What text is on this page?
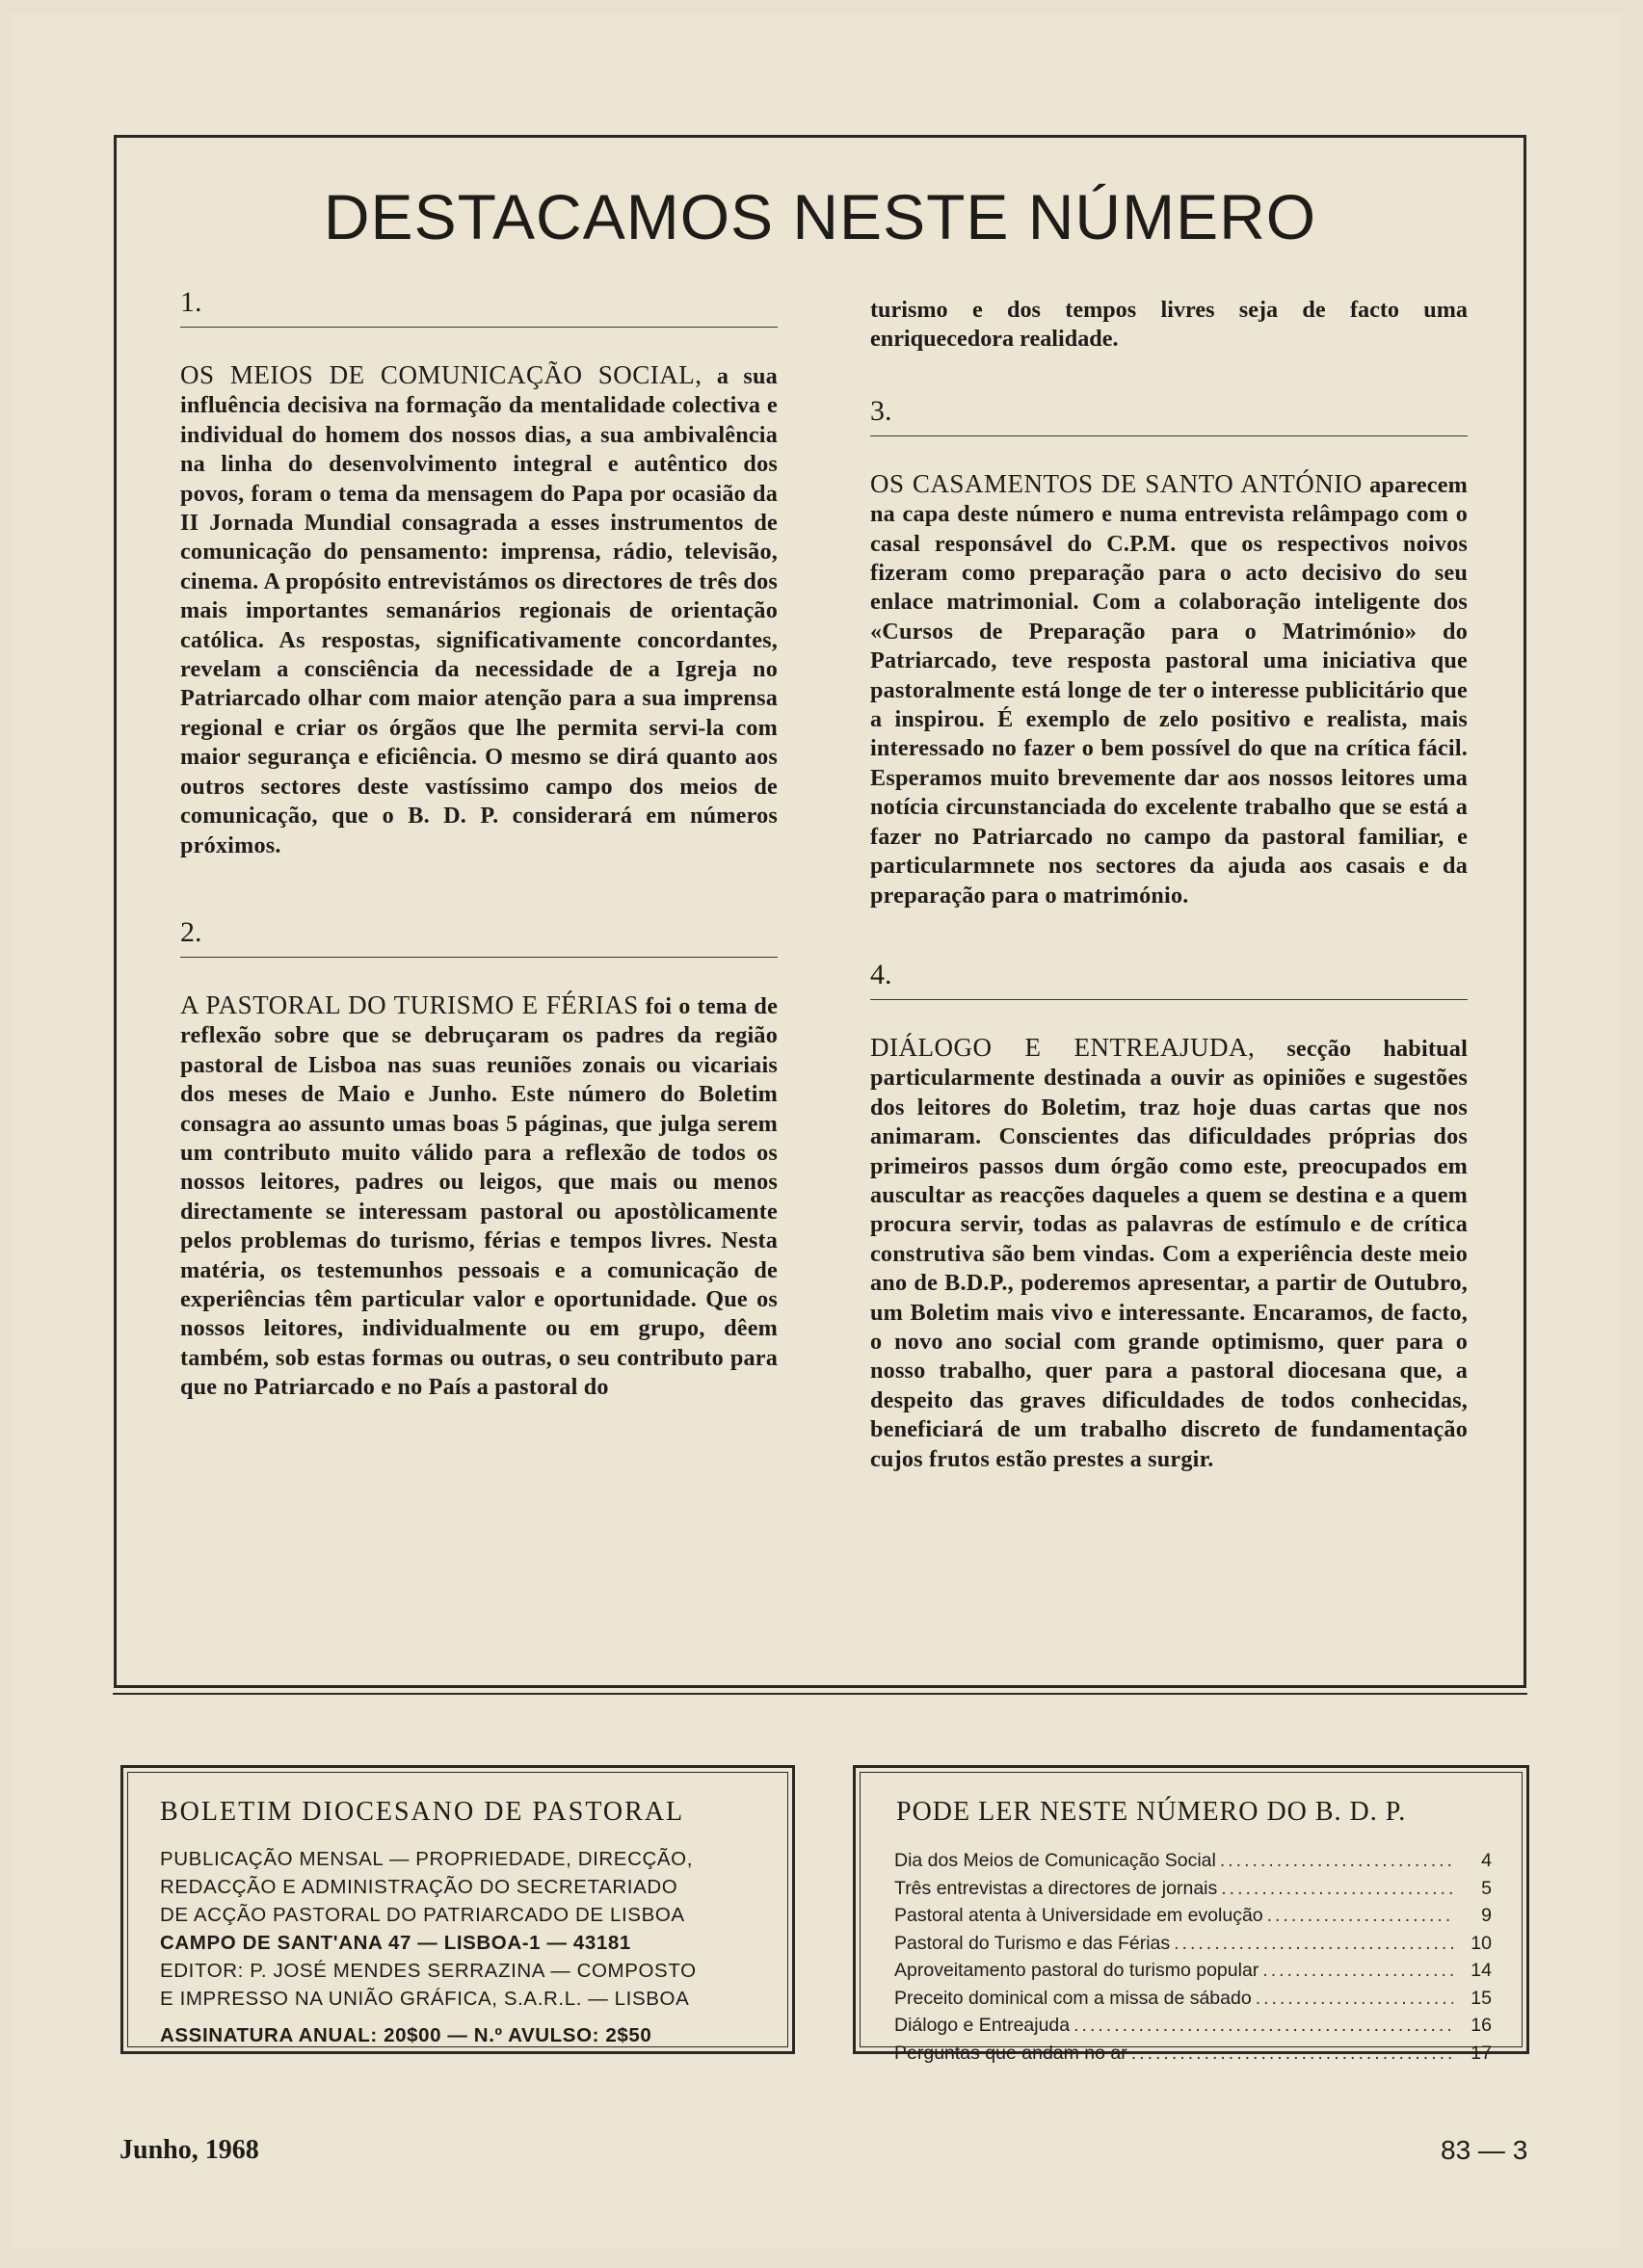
DESTACAMOS NESTE NÚMERO
1.

OS MEIOS DE COMUNICAÇÃO SOCIAL, a sua influência decisiva na formação da mentalidade colectiva e individual do homem dos nossos dias, a sua ambivalência na linha do desenvolvimento integral e autêntico dos povos, foram o tema da mensagem do Papa por ocasião da II Jornada Mundial consagrada a esses instrumentos de comunicação do pensamento: imprensa, rádio, televisão, cinema. A propósito entrevistámos os directores de três dos mais importantes semanários regionais de orientação católica. As respostas, significativamente concordantes, revelam a consciência da necessidade de a Igreja no Patriarcado olhar com maior atenção para a sua imprensa regional e criar os órgãos que lhe permita servi-la com maior segurança e eficiência. O mesmo se dirá quanto aos outros sectores deste vastíssimo campo dos meios de comunicação, que o B. D. P. considerará em números próximos.

2.

A PASTORAL DO TURISMO E FÉRIAS foi o tema de reflexão sobre que se debruçaram os padres da região pastoral de Lisboa nas suas reuniões zonais ou vicariais dos meses de Maio e Junho. Este número do Boletim consagra ao assunto umas boas 5 páginas, que julga serem um contributo muito válido para a reflexão de todos os nossos leitores, padres ou leigos, que mais ou menos directamente se interessam pastoral ou apostòlicamente pelos problemas do turismo, férias e tempos livres. Nesta matéria, os testemunhos pessoais e a comunicação de experiências têm particular valor e oportunidade. Que os nossos leitores, individualmente ou em grupo, dêem também, sob estas formas ou outras, o seu contributo para que no Patriarcado e no País a pastoral do

turismo e dos tempos livres seja de facto uma enriquecedora realidade.

3.

OS CASAMENTOS DE SANTO ANTÓNIO aparecem na capa deste número e numa entrevista relâmpago com o casal responsável do C.P.M. que os respectivos noivos fizeram como preparação para o acto decisivo do seu enlace matrimonial. Com a colaboração inteligente dos «Cursos de Preparação para o Matrimónio» do Patriarcado, teve resposta pastoral uma iniciativa que pastoralmente está longe de ter o interesse publicitário que a inspirou. É exemplo de zelo positivo e realista, mais interessado no fazer o bem possível do que na crítica fácil. Esperamos muito brevemente dar aos nossos leitores uma notícia circunstanciada do excelente trabalho que se está a fazer no Patriarcado no campo da pastoral familiar, e particularmnete nos sectores da ajuda aos casais e da preparação para o matrimónio.

4.

DIÁLOGO E ENTREAJUDA, secção habitual particularmente destinada a ouvir as opiniões e sugestões dos leitores do Boletim, traz hoje duas cartas que nos animaram. Conscientes das dificuldades próprias dos primeiros passos dum órgão como este, preocupados em auscultar as reacções daqueles a quem se destina e a quem procura servir, todas as palavras de estímulo e de crítica construtiva são bem vindas. Com a experiência deste meio ano de B.D.P., poderemos apresentar, a partir de Outubro, um Boletim mais vivo e interessante. Encaramos, de facto, o novo ano social com grande optimismo, quer para o nosso trabalho, quer para a pastoral diocesana que, a despeito das graves dificuldades de todos conhecidas, beneficiará de um trabalho discreto de fundamentação cujos frutos estão prestes a surgir.

BOLETIM DIOCESANO DE PASTORAL
PUBLICAÇÃO MENSAL — PROPRIEDADE, DIRECÇÃO,
REDACÇÃO E ADMINISTRAÇÃO DO SECRETARIADO
DE ACÇÃO PASTORAL DO PATRIARCADO DE LISBOA
CAMPO DE SANT'ANA 47 — LISBOA-1 — 43181
EDITOR: P. JOSÉ MENDES SERRAZINA — COMPOSTO
E IMPRESSO NA UNIÃO GRÁFICA, S.A.R.L. — LISBOA
ASSINATURA ANUAL: 20$00 — N.º AVULSO: 2$50
PODE LER NESTE NÚMERO DO B. D. P.
Dia dos Meios de Comunicação Social .....	4
Três entrevistas a directores de jornais .....	5
Pastoral atenta à Universidade em evolução .....	9
Pastoral do Turismo e das Férias .....	10
Aproveitamento pastoral do turismo popular .....	14
Preceito dominical com a missa de sábado .....	15
Diálogo e Entreajuda .....	16
Perguntas que andam no ar .....	17
Junho, 1968	83 — 3
